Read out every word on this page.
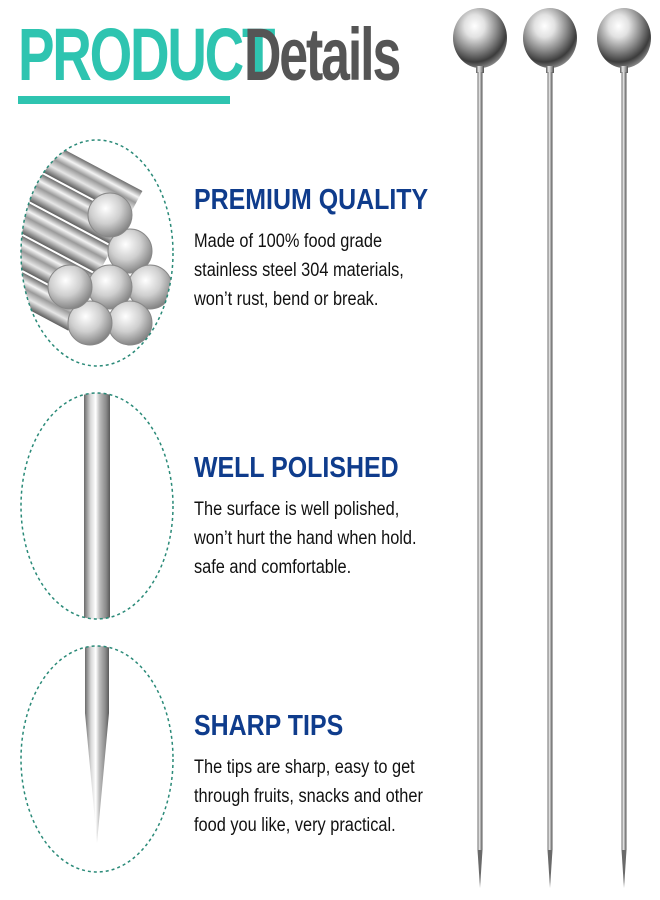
PRODUCT
Details
PREMIUM QUALITY
Made of 100% food grade
stainless steel 304 materials,
won’t rust, bend or break.
WELL POLISHED
The surface is well polished,
won’t hurt the hand when hold.
safe and comfortable.
SHARP TIPS
The tips are sharp, easy to get
through fruits, snacks and other
food you like, very practical.
